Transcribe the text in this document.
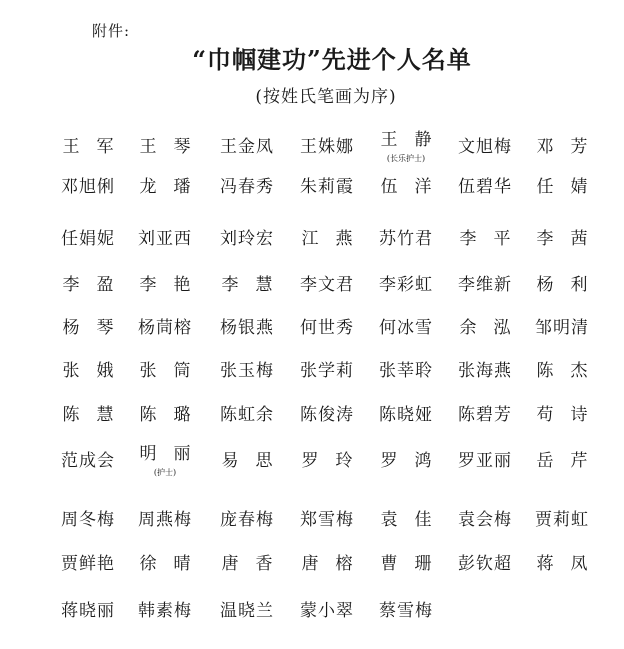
附件:
“巾帼建功”先进个人名单
(按姓氏笔画为序)
王军 王琴 王金凤 王姝娜 王静
(长乐护士)
文旭梅 邓芳
邓旭俐 龙璠 冯春秀 朱莉霞 伍洋 伍碧华 任婧
任娟妮 刘亚西 刘玲宏 江燕 苏竹君 李平 李茜
李盈 李艳 李慧 李文君 李彩虹 李维新 杨利
杨琴 杨茼榕 杨银燕 何世秀 何冰雪 余泓 邹明清
张娥 张筒 张玉梅 张学莉 张莘聆 张海燕 陈杰
陈慧 陈璐 陈虹余 陈俊涛 陈晓娅 陈碧芳 苟诗
范成会 明丽
(护士)
易思 罗玲 罗鸿 罗亚丽 岳芹
周冬梅 周燕梅 庞春梅 郑雪梅 袁佳 袁会梅 贾莉虹
贾鲜艳 徐晴 唐香 唐榕 曹珊 彭钦超 蒋凤
蒋晓丽 韩素梅 温晓兰 蒙小翠 蔡雪梅
